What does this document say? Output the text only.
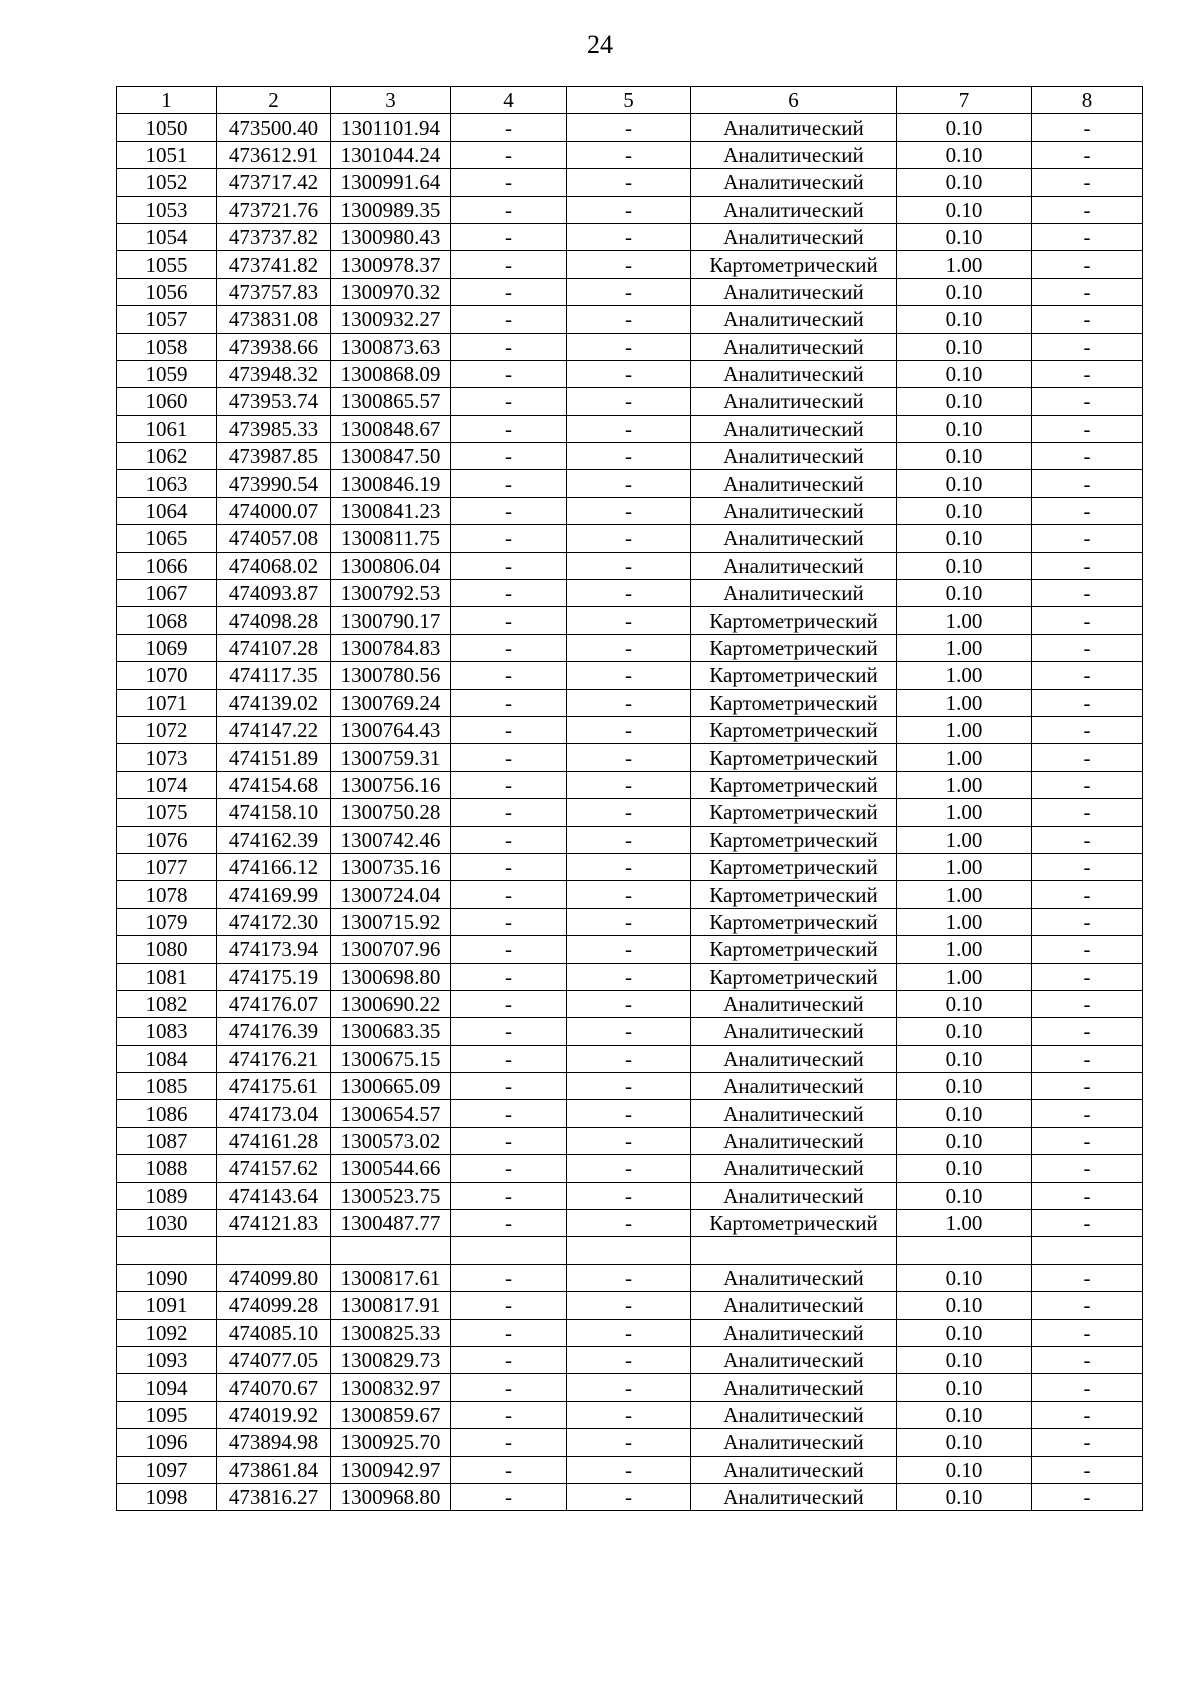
24
1	2	3	4	5	6	7	8
1050	473500.40	1301101.94	-	-	Аналитический	0.10	-
1051	473612.91	1301044.24	-	-	Аналитический	0.10	-
1052	473717.42	1300991.64	-	-	Аналитический	0.10	-
1053	473721.76	1300989.35	-	-	Аналитический	0.10	-
1054	473737.82	1300980.43	-	-	Аналитический	0.10	-
1055	473741.82	1300978.37	-	-	Картометрический	1.00	-
1056	473757.83	1300970.32	-	-	Аналитический	0.10	-
1057	473831.08	1300932.27	-	-	Аналитический	0.10	-
1058	473938.66	1300873.63	-	-	Аналитический	0.10	-
1059	473948.32	1300868.09	-	-	Аналитический	0.10	-
1060	473953.74	1300865.57	-	-	Аналитический	0.10	-
1061	473985.33	1300848.67	-	-	Аналитический	0.10	-
1062	473987.85	1300847.50	-	-	Аналитический	0.10	-
1063	473990.54	1300846.19	-	-	Аналитический	0.10	-
1064	474000.07	1300841.23	-	-	Аналитический	0.10	-
1065	474057.08	1300811.75	-	-	Аналитический	0.10	-
1066	474068.02	1300806.04	-	-	Аналитический	0.10	-
1067	474093.87	1300792.53	-	-	Аналитический	0.10	-
1068	474098.28	1300790.17	-	-	Картометрический	1.00	-
1069	474107.28	1300784.83	-	-	Картометрический	1.00	-
1070	474117.35	1300780.56	-	-	Картометрический	1.00	-
1071	474139.02	1300769.24	-	-	Картометрический	1.00	-
1072	474147.22	1300764.43	-	-	Картометрический	1.00	-
1073	474151.89	1300759.31	-	-	Картометрический	1.00	-
1074	474154.68	1300756.16	-	-	Картометрический	1.00	-
1075	474158.10	1300750.28	-	-	Картометрический	1.00	-
1076	474162.39	1300742.46	-	-	Картометрический	1.00	-
1077	474166.12	1300735.16	-	-	Картометрический	1.00	-
1078	474169.99	1300724.04	-	-	Картометрический	1.00	-
1079	474172.30	1300715.92	-	-	Картометрический	1.00	-
1080	474173.94	1300707.96	-	-	Картометрический	1.00	-
1081	474175.19	1300698.80	-	-	Картометрический	1.00	-
1082	474176.07	1300690.22	-	-	Аналитический	0.10	-
1083	474176.39	1300683.35	-	-	Аналитический	0.10	-
1084	474176.21	1300675.15	-	-	Аналитический	0.10	-
1085	474175.61	1300665.09	-	-	Аналитический	0.10	-
1086	474173.04	1300654.57	-	-	Аналитический	0.10	-
1087	474161.28	1300573.02	-	-	Аналитический	0.10	-
1088	474157.62	1300544.66	-	-	Аналитический	0.10	-
1089	474143.64	1300523.75	-	-	Аналитический	0.10	-
1030	474121.83	1300487.77	-	-	Картометрический	1.00	-

1090	474099.80	1300817.61	-	-	Аналитический	0.10	-
1091	474099.28	1300817.91	-	-	Аналитический	0.10	-
1092	474085.10	1300825.33	-	-	Аналитический	0.10	-
1093	474077.05	1300829.73	-	-	Аналитический	0.10	-
1094	474070.67	1300832.97	-	-	Аналитический	0.10	-
1095	474019.92	1300859.67	-	-	Аналитический	0.10	-
1096	473894.98	1300925.70	-	-	Аналитический	0.10	-
1097	473861.84	1300942.97	-	-	Аналитический	0.10	-
1098	473816.27	1300968.80	-	-	Аналитический	0.10	-
